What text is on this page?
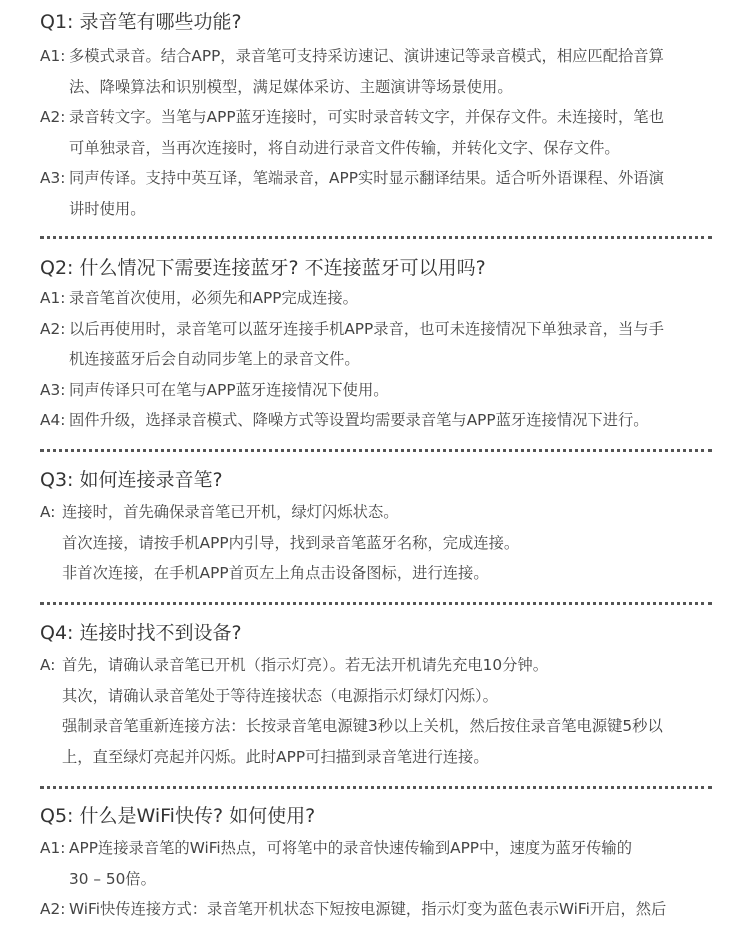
Q1: 录音笔有哪些功能?
A1: 多模式录音。结合APP，录音笔可支持采访速记、演讲速记等录音模式，相应匹配拾音算
法、降噪算法和识别模型，满足媒体采访、主题演讲等场景使用。
A2: 录音转文字。当笔与APP蓝牙连接时，可实时录音转文字，并保存文件。未连接时，笔也
可单独录音，当再次连接时，将自动进行录音文件传输，并转化文字、保存文件。
A3: 同声传译。支持中英互译，笔端录音，APP实时显示翻译结果。适合听外语课程、外语演
讲时使用。
Q2: 什么情况下需要连接蓝牙? 不连接蓝牙可以用吗?
A1: 录音笔首次使用，必须先和APP完成连接。
A2: 以后再使用时，录音笔可以蓝牙连接手机APP录音，也可未连接情况下单独录音，当与手
机连接蓝牙后会自动同步笔上的录音文件。
A3: 同声传译只可在笔与APP蓝牙连接情况下使用。
A4: 固件升级，选择录音模式、降噪方式等设置均需要录音笔与APP蓝牙连接情况下进行。
Q3: 如何连接录音笔?
A: 连接时，首先确保录音笔已开机，绿灯闪烁状态。
首次连接，请按手机APP内引导，找到录音笔蓝牙名称，完成连接。
非首次连接，在手机APP首页左上角点击设备图标，进行连接。
Q4: 连接时找不到设备?
A: 首先，请确认录音笔已开机（指示灯亮）。若无法开机请先充电10分钟。
其次，请确认录音笔处于等待连接状态（电源指示灯绿灯闪烁）。
强制录音笔重新连接方法：长按录音笔电源键3秒以上关机，然后按住录音笔电源键5秒以
上，直至绿灯亮起并闪烁。此时APP可扫描到录音笔进行连接。
Q5: 什么是WiFi快传? 如何使用?
A1: APP连接录音笔的WiFi热点，可将笔中的录音快速传输到APP中，速度为蓝牙传输的
30 – 50倍。
A2: WiFi快传连接方式：录音笔开机状态下短按电源键，指示灯变为蓝色表示WiFi开启，然后
